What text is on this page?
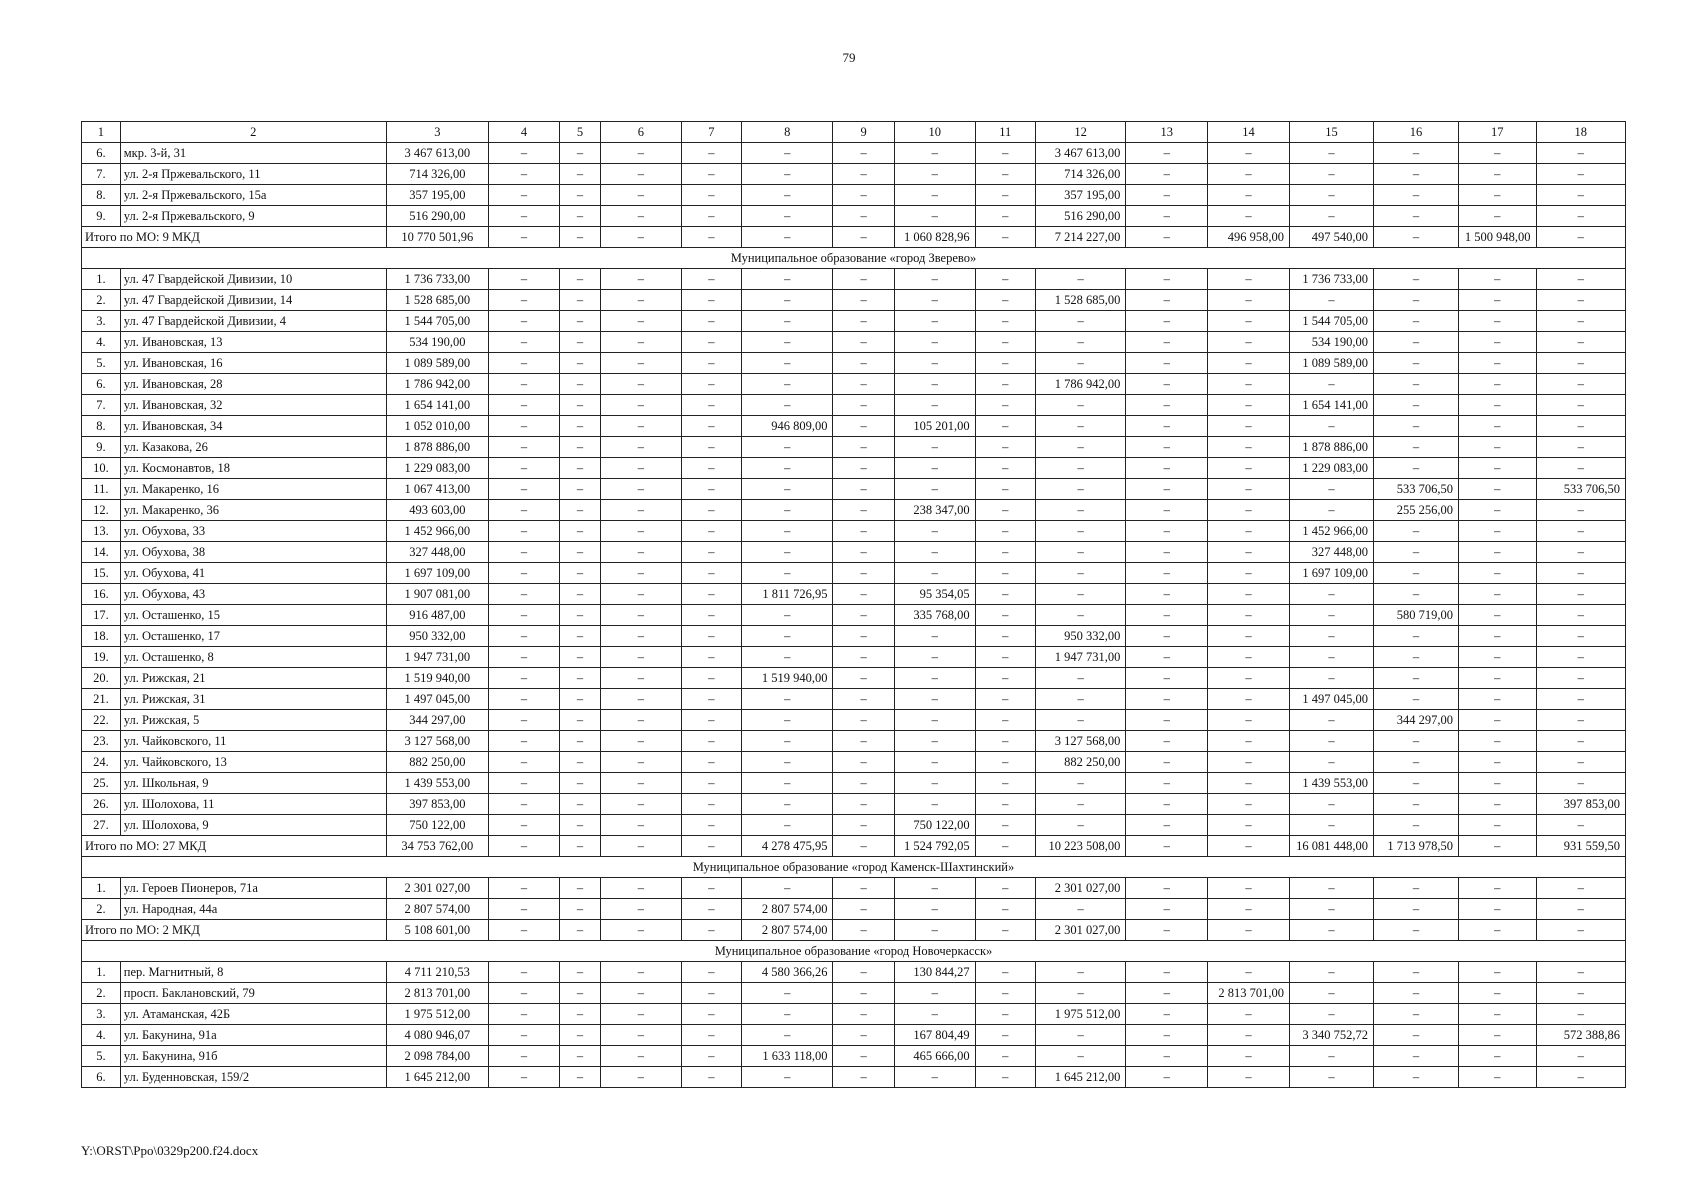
79
1	2	3	4	5	6	7	8	9	10	11	12	13	14	15	16	17	18
6.	мкр. 3-й, 31	3 467 613,00	–	–	–	–	–	–	–	–	3 467 613,00	–	–	–	–	–	–
7.	ул. 2-я Пржевальского, 11	714 326,00	–	–	–	–	–	–	–	–	714 326,00	–	–	–	–	–	–
8.	ул. 2-я Пржевальского, 15а	357 195,00	–	–	–	–	–	–	–	–	357 195,00	–	–	–	–	–	–
9.	ул. 2-я Пржевальского, 9	516 290,00	–	–	–	–	–	–	–	–	516 290,00	–	–	–	–	–	–
Итого по МО: 9 МКД		10 770 501,96	–	–	–	–	–	–	1 060 828,96	–	7 214 227,00	–	496 958,00	497 540,00	–	1 500 948,00	–
Муниципальное образование «город Зверево»																	
1.	ул. 47 Гвардейской Дивизии, 10	1 736 733,00	–	–	–	–	–	–	–	–	–	–	–	1 736 733,00	–	–	–
2.	ул. 47 Гвардейской Дивизии, 14	1 528 685,00	–	–	–	–	–	–	–	–	1 528 685,00	–	–	–	–	–	–
3.	ул. 47 Гвардейской Дивизии, 4	1 544 705,00	–	–	–	–	–	–	–	–	–	–	–	1 544 705,00	–	–	–
4.	ул. Ивановская, 13	534 190,00	–	–	–	–	–	–	–	–	–	–	–	534 190,00	–	–	–
5.	ул. Ивановская, 16	1 089 589,00	–	–	–	–	–	–	–	–	–	–	–	1 089 589,00	–	–	–
6.	ул. Ивановская, 28	1 786 942,00	–	–	–	–	–	–	–	–	1 786 942,00	–	–	–	–	–	–
7.	ул. Ивановская, 32	1 654 141,00	–	–	–	–	–	–	–	–	–	–	–	1 654 141,00	–	–	–
8.	ул. Ивановская, 34	1 052 010,00	–	–	–	–	946 809,00	–	105 201,00	–	–	–	–	–	–	–	–
9.	ул. Казакова, 26	1 878 886,00	–	–	–	–	–	–	–	–	–	–	–	1 878 886,00	–	–	–
10.	ул. Космонавтов, 18	1 229 083,00	–	–	–	–	–	–	–	–	–	–	–	1 229 083,00	–	–	–
11.	ул. Макаренко, 16	1 067 413,00	–	–	–	–	–	–	–	–	–	–	–	–	533 706,50	–	533 706,50
12.	ул. Макаренко, 36	493 603,00	–	–	–	–	–	–	238 347,00	–	–	–	–	–	255 256,00	–	–
13.	ул. Обухова, 33	1 452 966,00	–	–	–	–	–	–	–	–	–	–	–	1 452 966,00	–	–	–
14.	ул. Обухова, 38	327 448,00	–	–	–	–	–	–	–	–	–	–	–	327 448,00	–	–	–
15.	ул. Обухова, 41	1 697 109,00	–	–	–	–	–	–	–	–	–	–	–	1 697 109,00	–	–	–
16.	ул. Обухова, 43	1 907 081,00	–	–	–	–	1 811 726,95	–	95 354,05	–	–	–	–	–	–	–	–
17.	ул. Осташенко, 15	916 487,00	–	–	–	–	–	–	335 768,00	–	–	–	–	–	580 719,00	–	–
18.	ул. Осташенко, 17	950 332,00	–	–	–	–	–	–	–	–	950 332,00	–	–	–	–	–	–
19.	ул. Осташенко, 8	1 947 731,00	–	–	–	–	–	–	–	–	1 947 731,00	–	–	–	–	–	–
20.	ул. Рижская, 21	1 519 940,00	–	–	–	–	1 519 940,00	–	–	–	–	–	–	–	–	–	–
21.	ул. Рижская, 31	1 497 045,00	–	–	–	–	–	–	–	–	–	–	–	1 497 045,00	–	–	–
22.	ул. Рижская, 5	344 297,00	–	–	–	–	–	–	–	–	–	–	–	–	344 297,00	–	–
23.	ул. Чайковского, 11	3 127 568,00	–	–	–	–	–	–	–	–	3 127 568,00	–	–	–	–	–	–
24.	ул. Чайковского, 13	882 250,00	–	–	–	–	–	–	–	–	882 250,00	–	–	–	–	–	–
25.	ул. Школьная, 9	1 439 553,00	–	–	–	–	–	–	–	–	–	–	–	1 439 553,00	–	–	–
26.	ул. Шолохова, 11	397 853,00	–	–	–	–	–	–	–	–	–	–	–	–	–	–	397 853,00
27.	ул. Шолохова, 9	750 122,00	–	–	–	–	–	–	750 122,00	–	–	–	–	–	–	–	–
Итого по МО: 27 МКД		34 753 762,00	–	–	–	–	4 278 475,95	–	1 524 792,05	–	10 223 508,00	–	–	16 081 448,00	1 713 978,50	–	931 559,50
Муниципальное образование «город Каменск-Шахтинский»																	
1.	ул. Героев Пионеров, 71а	2 301 027,00	–	–	–	–	–	–	–	–	2 301 027,00	–	–	–	–	–	–
2.	ул. Народная, 44а	2 807 574,00	–	–	–	–	2 807 574,00	–	–	–	–	–	–	–	–	–	–
Итого по МО: 2 МКД		5 108 601,00	–	–	–	–	2 807 574,00	–	–	–	2 301 027,00	–	–	–	–	–	–
Муниципальное образование «город Новочеркасск»																	
1.	пер. Магнитный, 8	4 711 210,53	–	–	–	–	4 580 366,26	–	130 844,27	–	–	–	–	–	–	–	–
2.	просп. Баклановский, 79	2 813 701,00	–	–	–	–	–	–	–	–	–	–	2 813 701,00	–	–	–	–
3.	ул. Атаманская, 42Б	1 975 512,00	–	–	–	–	–	–	–	–	1 975 512,00	–	–	–	–	–	–
4.	ул. Бакунина, 91а	4 080 946,07	–	–	–	–	–	–	167 804,49	–	–	–	–	3 340 752,72	–	–	572 388,86
5.	ул. Бакунина, 91б	2 098 784,00	–	–	–	–	1 633 118,00	–	465 666,00	–	–	–	–	–	–	–	–
6.	ул. Буденновская, 159/2	1 645 212,00	–	–	–	–	–	–	–	–	1 645 212,00	–	–	–	–	–	–
Y:\ORST\Ppo\0329p200.f24.docx
